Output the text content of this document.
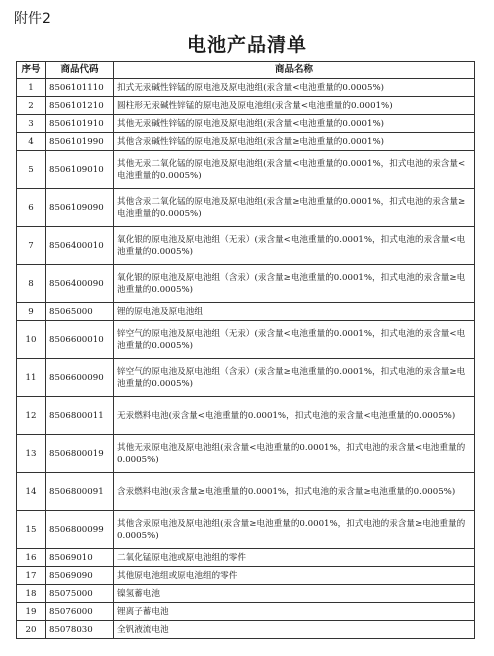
附件2
电池产品清单
序号	商品代码	商品名称
1	8506101110	扣式无汞碱性锌锰的原电池及原电池组(汞含量<电池重量的0.0005%)
2	8506101210	圆柱形无汞碱性锌锰的原电池及原电池组(汞含量<电池重量的0.0001%)
3	8506101910	其他无汞碱性锌锰的原电池及原电池组(汞含量<电池重量的0.0001%)
4	8506101990	其他含汞碱性锌锰的原电池及原电池组(汞含量≥电池重量的0.0001%)
5	8506109010	其他无汞二氧化锰的原电池及原电池组(汞含量<电池重量的0.0001%，扣式电池的汞含量<电池重量的0.0005%)
6	8506109090	其他含汞二氧化锰的原电池及原电池组(汞含量≥电池重量的0.0001%，扣式电池的汞含量≥电池重量的0.0005%)
7	8506400010	氧化银的原电池及原电池组（无汞）(汞含量<电池重量的0.0001%，扣式电池的汞含量<电池重量的0.0005%)
8	8506400090	氧化银的原电池及原电池组（含汞）(汞含量≥电池重量的0.0001%，扣式电池的汞含量≥电池重量的0.0005%)
9	85065000	锂的原电池及原电池组
10	8506600010	锌空气的原电池及原电池组（无汞）(汞含量<电池重量的0.0001%，扣式电池的汞含量<电池重量的0.0005%)
11	8506600090	锌空气的原电池及原电池组（含汞）(汞含量≥电池重量的0.0001%，扣式电池的汞含量≥电池重量的0.0005%)
12	8506800011	无汞燃料电池(汞含量<电池重量的0.0001%，扣式电池的汞含量<电池重量的0.0005%)
13	8506800019	其他无汞原电池及原电池组(汞含量<电池重量的0.0001%，扣式电池的汞含量<电池重量的0.0005%)
14	8506800091	含汞燃料电池(汞含量≥电池重量的0.0001%，扣式电池的汞含量≥电池重量的0.0005%)
15	8506800099	其他含汞原电池及原电池组(汞含量≥电池重量的0.0001%，扣式电池的汞含量≥电池重量的0.0005%)
16	85069010	二氧化锰原电池或原电池组的零件
17	85069090	其他原电池组或原电池组的零件
18	85075000	镍氢蓄电池
19	85076000	锂离子蓄电池
20	85078030	全钒液流电池
